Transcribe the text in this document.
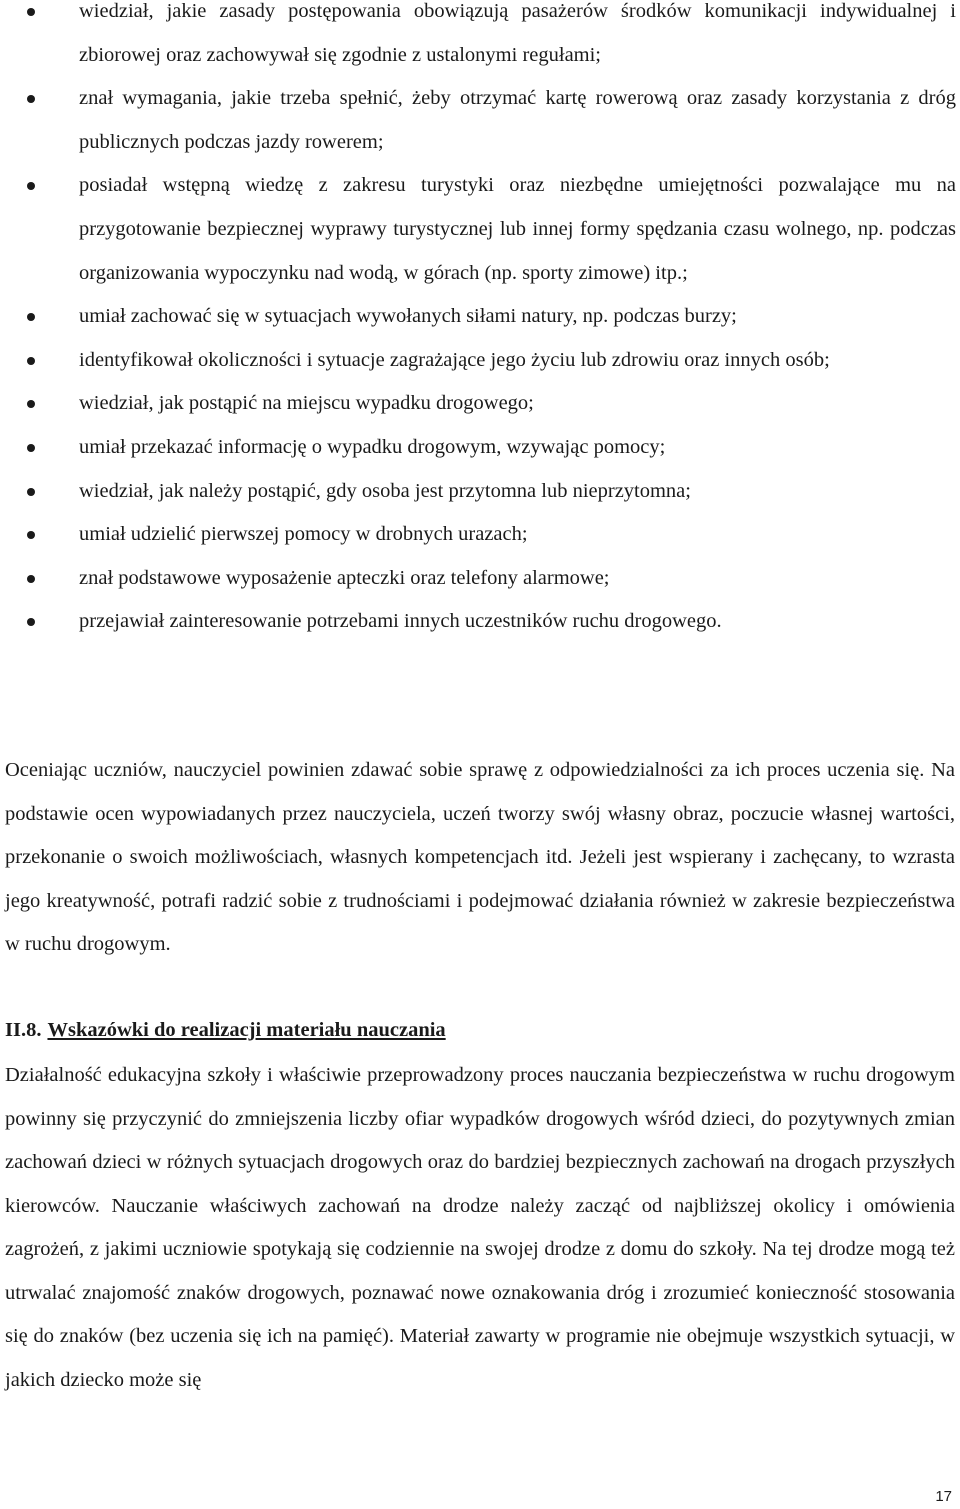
wiedział, jakie zasady postępowania obowiązują pasażerów środków komunikacji indywidualnej i zbiorowej oraz zachowywał się zgodnie z ustalonymi regułami;
znał wymagania, jakie trzeba spełnić, żeby otrzymać kartę rowerową oraz zasady korzystania z dróg publicznych podczas jazdy rowerem;
posiadał wstępną wiedzę z zakresu turystyki oraz niezbędne umiejętności pozwalające mu na przygotowanie bezpiecznej wyprawy turystycznej lub innej formy spędzania czasu wolnego, np. podczas organizowania wypoczynku nad wodą, w górach (np. sporty zimowe) itp.;
umiał zachować się w sytuacjach wywołanych siłami natury, np. podczas burzy;
identyfikował okoliczności i sytuacje zagrażające jego życiu lub zdrowiu oraz innych osób;
wiedział, jak postąpić na miejscu wypadku drogowego;
umiał przekazać informację o wypadku drogowym, wzywając pomocy;
wiedział, jak należy postąpić, gdy osoba jest przytomna lub nieprzytomna;
umiał udzielić pierwszej pomocy w drobnych urazach;
znał podstawowe wyposażenie apteczki oraz telefony alarmowe;
przejawiał zainteresowanie potrzebami innych uczestników ruchu drogowego.

Oceniając uczniów, nauczyciel powinien zdawać sobie sprawę z odpowiedzialności za ich proces uczenia się. Na podstawie ocen wypowiadanych przez nauczyciela, uczeń tworzy swój własny obraz, poczucie własnej wartości, przekonanie o swoich możliwościach, własnych kompetencjach itd. Jeżeli jest wspierany i zachęcany, to wzrasta jego kreatywność, potrafi radzić sobie z trudnościami i podejmować działania również w zakresie bezpieczeństwa w ruchu drogowym.

II.8. Wskazówki do realizacji materiału nauczania

Działalność edukacyjna szkoły i właściwie przeprowadzony proces nauczania bezpieczeństwa w ruchu drogowym powinny się przyczynić do zmniejszenia liczby ofiar wypadków drogowych wśród dzieci, do pozytywnych zmian zachowań dzieci w różnych sytuacjach drogowych oraz do bardziej bezpiecznych zachowań na drogach przyszłych kierowców. Nauczanie właściwych zachowań na drodze należy zacząć od najbliższej okolicy i omówienia zagrożeń, z jakimi uczniowie spotykają się codziennie na swojej drodze z domu do szkoły. Na tej drodze mogą też utrwalać znajomość znaków drogowych, poznawać nowe oznakowania dróg i zrozumieć konieczność stosowania się do znaków (bez uczenia się ich na pamięć). Materiał zawarty w programie nie obejmuje wszystkich sytuacji, w jakich dziecko może się

17
